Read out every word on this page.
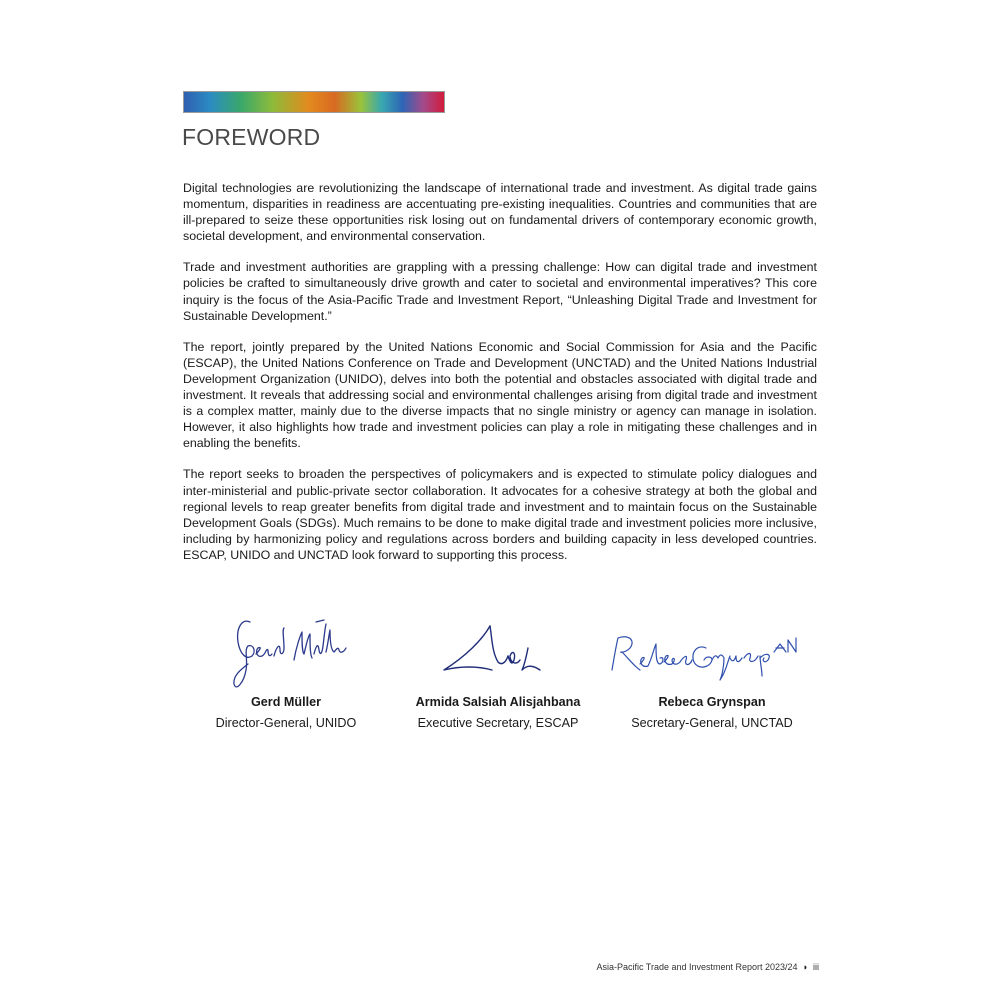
FOREWORD

Digital technologies are revolutionizing the landscape of international trade and investment. As digital trade gains momentum, disparities in readiness are accentuating pre-existing inequalities. Countries and communities that are ill-prepared to seize these opportunities risk losing out on fundamental drivers of contemporary economic growth, societal development, and environmental conservation.

Trade and investment authorities are grappling with a pressing challenge: How can digital trade and investment policies be crafted to simultaneously drive growth and cater to societal and environmental imperatives? This core inquiry is the focus of the Asia-Pacific Trade and Investment Report, “Unleashing Digital Trade and Investment for Sustainable Development.”

The report, jointly prepared by the United Nations Economic and Social Commission for Asia and the Pacific (ESCAP), the United Nations Conference on Trade and Development (UNCTAD) and the United Nations Industrial Development Organization (UNIDO), delves into both the potential and obstacles associated with digital trade and investment. It reveals that addressing social and environmental challenges arising from digital trade and investment is a complex matter, mainly due to the diverse impacts that no single ministry or agency can manage in isolation. However, it also highlights how trade and investment policies can play a role in mitigating these challenges and in enabling the benefits.

The report seeks to broaden the perspectives of policymakers and is expected to stimulate policy dialogues and inter-ministerial and public-private sector collaboration. It advocates for a cohesive strategy at both the global and regional levels to reap greater benefits from digital trade and investment and to maintain focus on the Sustainable Development Goals (SDGs). Much remains to be done to make digital trade and investment policies more inclusive, including by harmonizing policy and regulations across borders and building capacity in less developed countries. ESCAP, UNIDO and UNCTAD look forward to supporting this process.

Gerd Müller
Director-General, UNIDO
Armida Salsiah Alisjahbana
Executive Secretary, ESCAP
Rebeca Grynspan
Secretary-General, UNCTAD
Asia-Pacific Trade and Investment Report 2023/24 ◗ iii
